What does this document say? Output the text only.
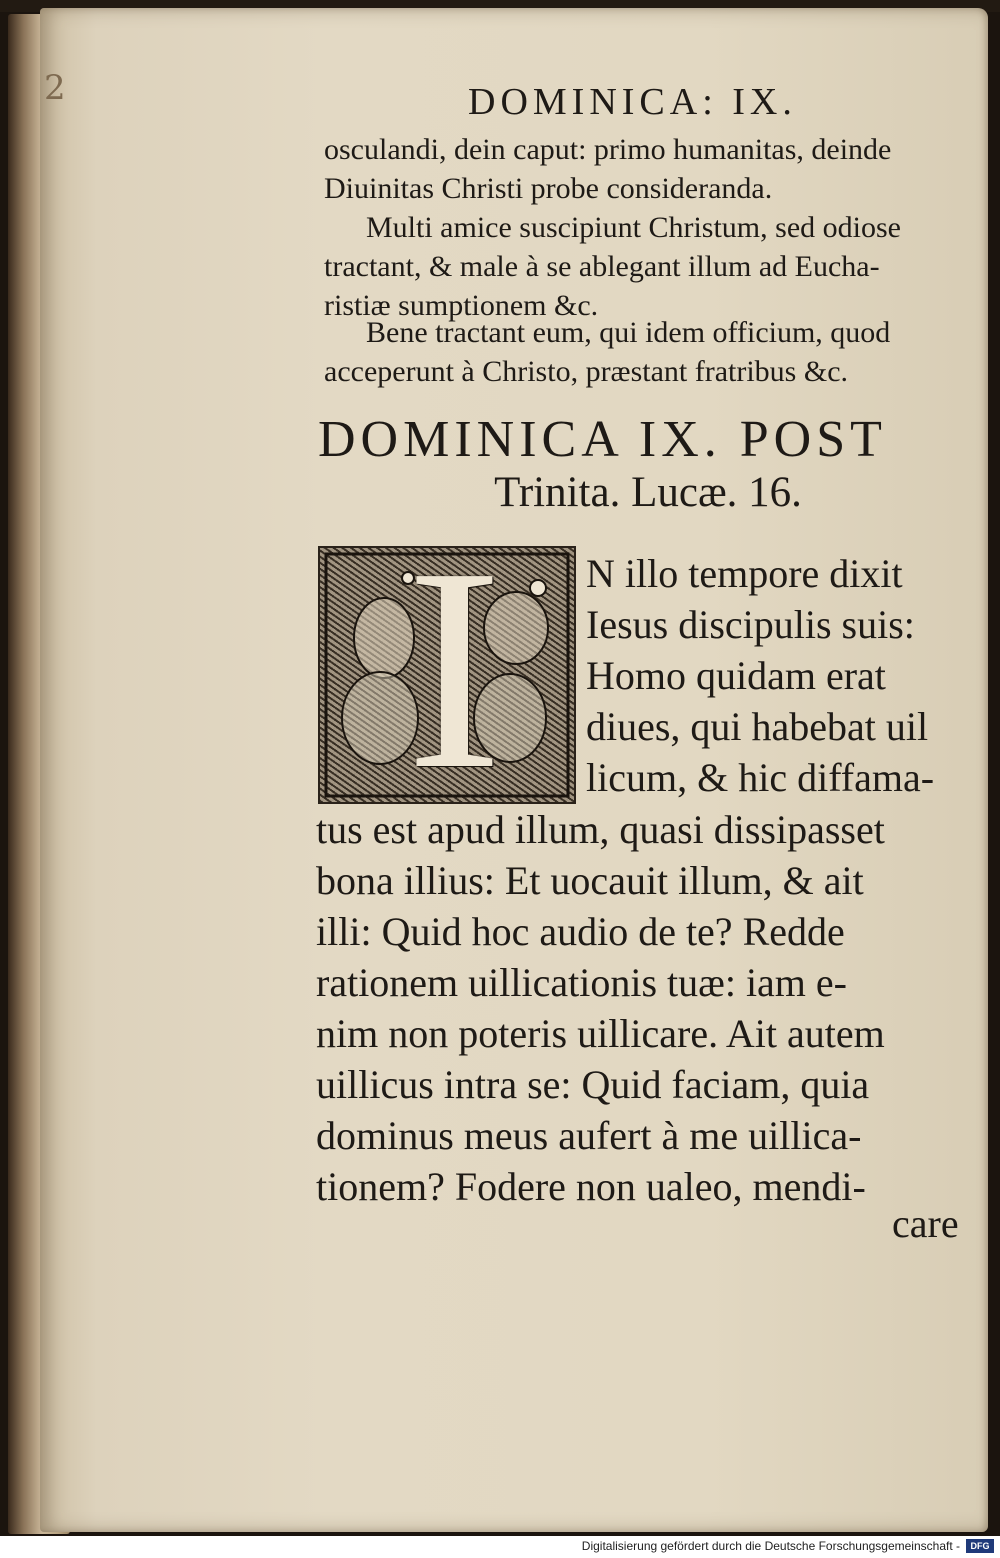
2	DOMINICA: IX.
osculandi, dein caput: primo humanitas, deinde
Diuinitas Christi probe consideranda.
Multi amice suscipiunt Christum, sed odiose
tractant, & male à se ablegant illum ad Eucha-
ristiæ sumptionem &c.
Bene tractant eum, qui idem officium, quod
acceperunt à Christo, præstant fratribus &c.
DOMINICA IX. POST
Trinita. Lucæ. 16.
I N illo tempore dixit
Iesus discipulis suis:
Homo quidam erat
diues, qui habebat uil
licum, & hic diffama-
tus est apud illum, quasi dissipasset
bona illius: Et uocauit illum, & ait
illi: Quid hoc audio de te? Redde
rationem uillicationis tuæ: iam e-
nim non poteris uillicare. Ait autem
uillicus intra se: Quid faciam, quia
dominus meus aufert à me uillica-
tionem? Fodere non ualeo, mendi-
care
Digitalisierung gefördert durch die Deutsche Forschungsgemeinschaft -	DFG
